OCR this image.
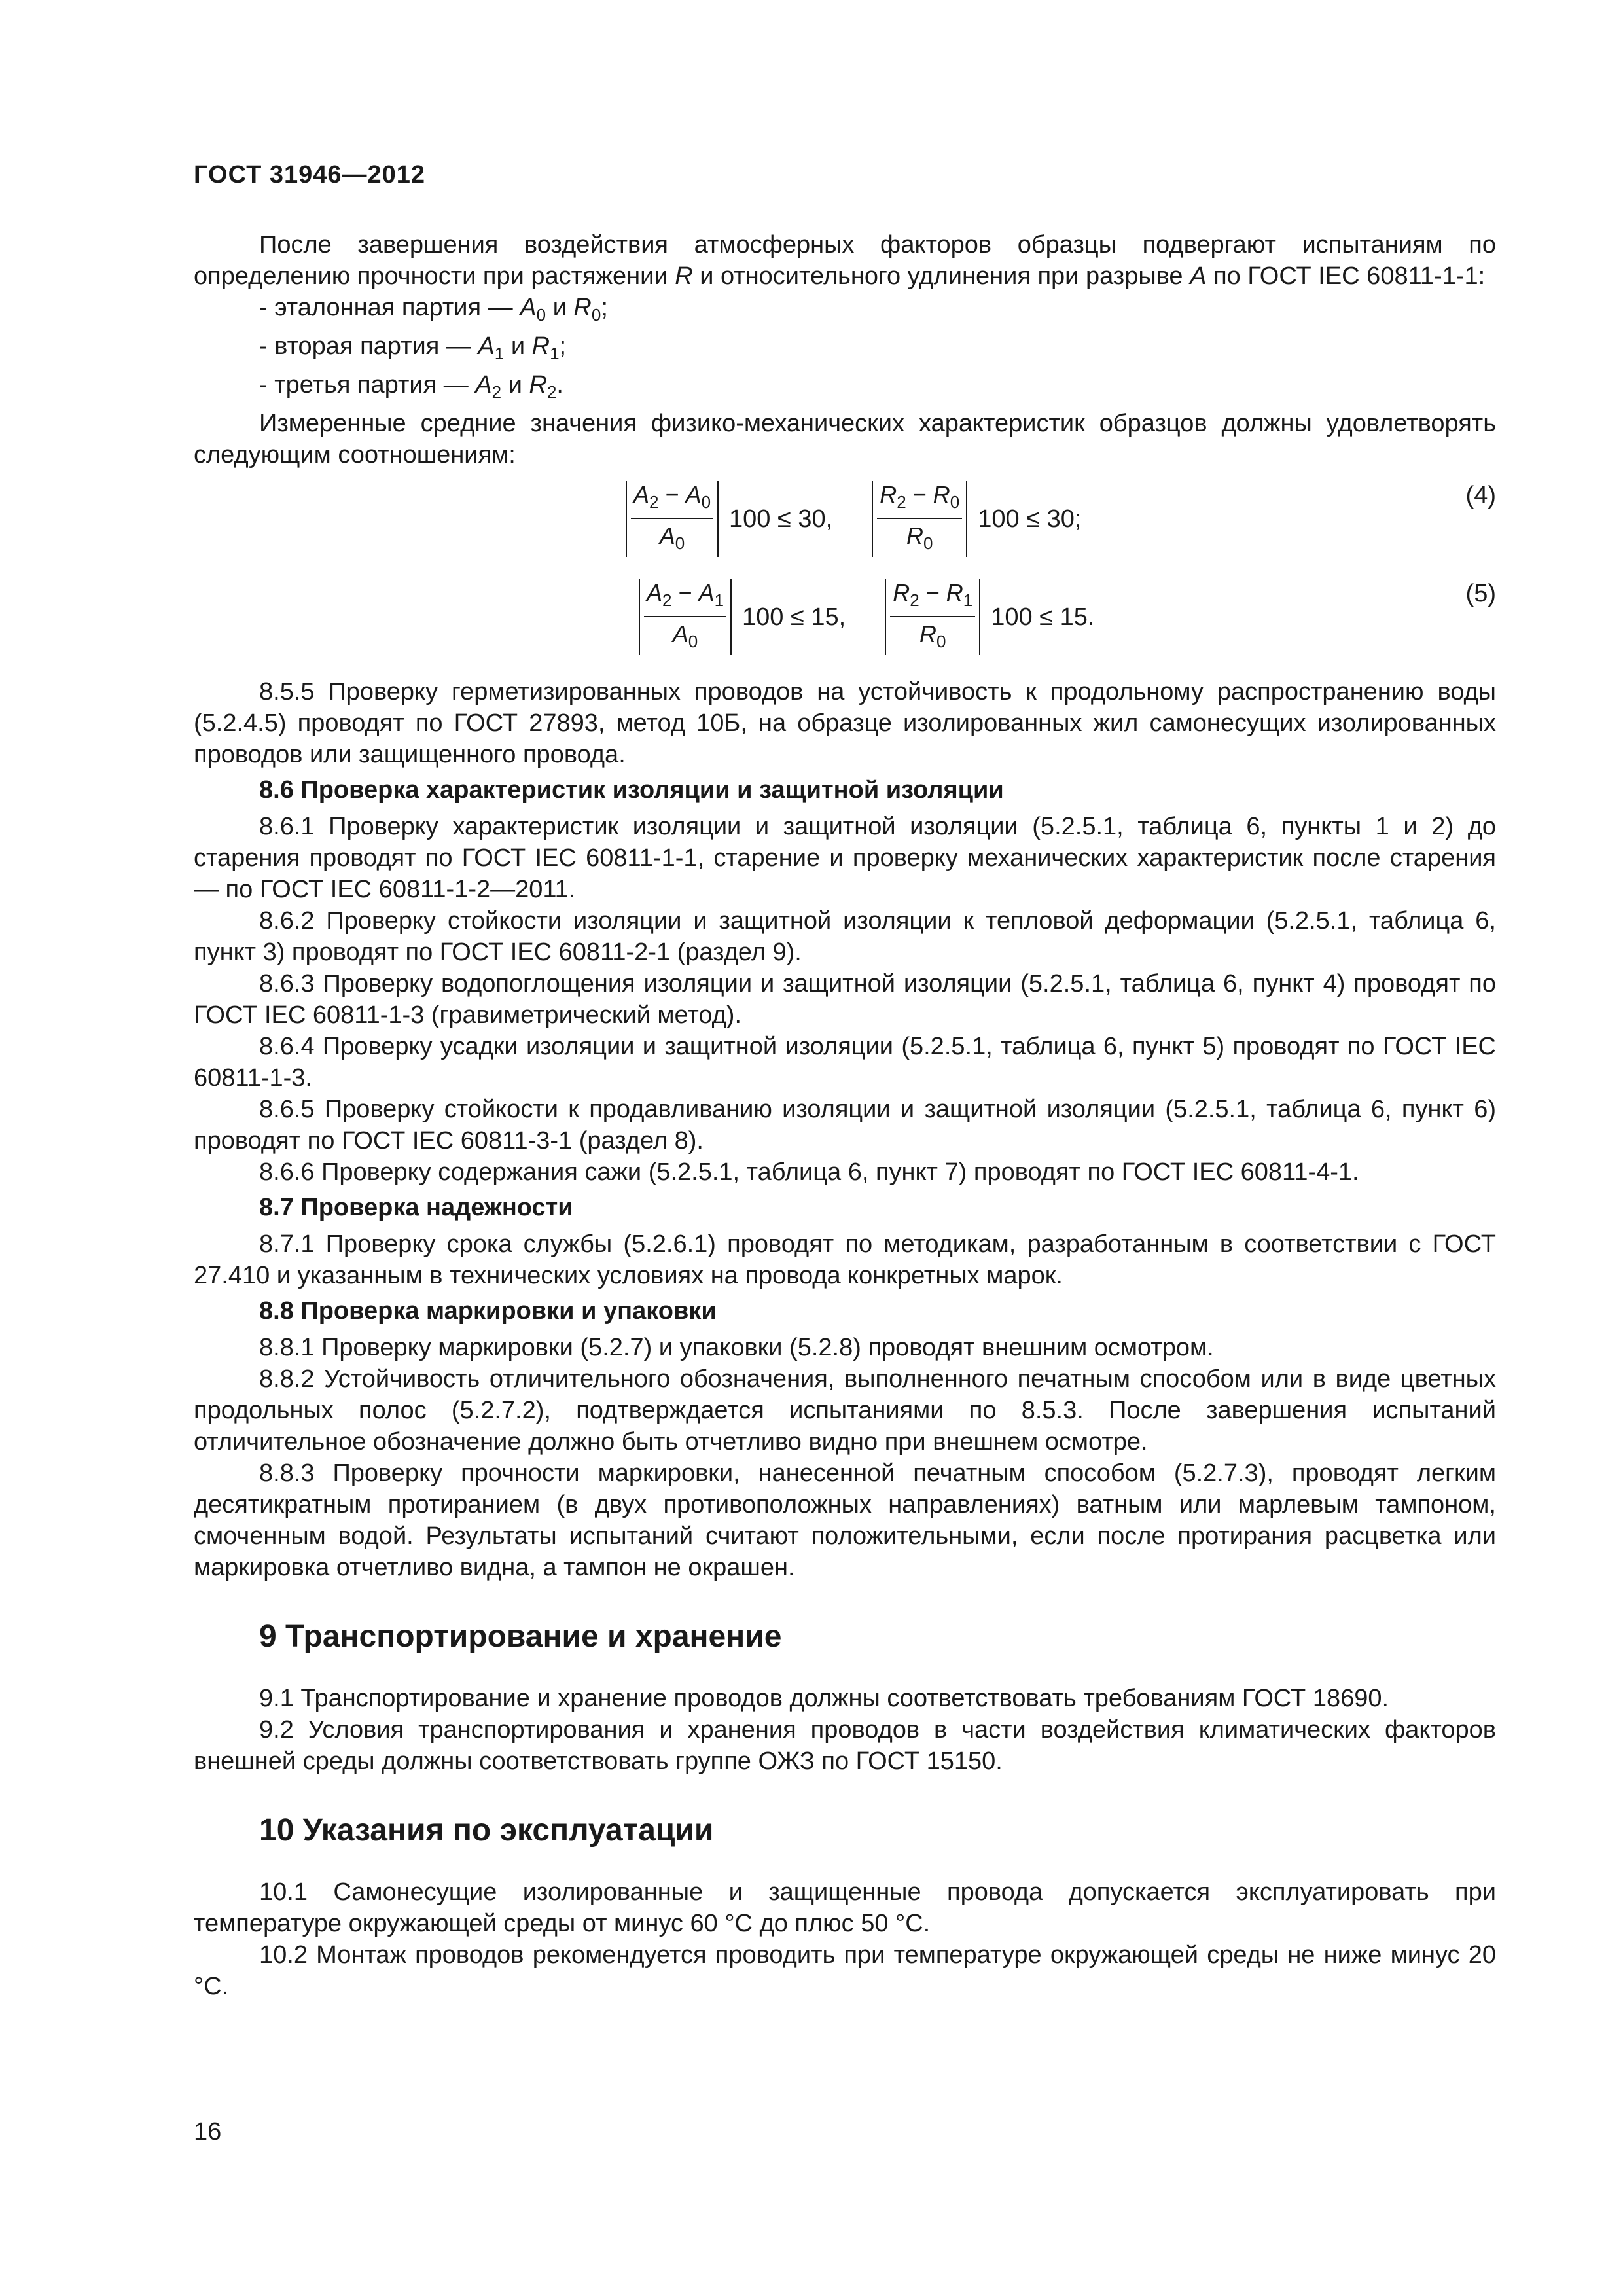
ГОСТ 31946—2012

После завершения воздействия атмосферных факторов образцы подвергают испытаниям по определению прочности при растяжении R и относительного удлинения при разрыве A по ГОСТ IEC 60811-1-1:

- эталонная партия — $A_0$ и $R_0$;
- вторая партия — $A_1$ и $R_1$;
- третья партия — $A_2$ и $R_2$.

Измеренные средние значения физико-механических характеристик образцов должны удовлетворять следующим соотношениям:

$\frac{A_2 - A_0}{A_0} 100 \le 30$, $\frac{R_2 - R_0}{R_0} 100 \le 30$;
(4)
$\frac{A_2 - A_1}{A_0} 100 \le 15$, $\frac{R_2 - R_1}{R_0} 100 \le 15$.
(5)

8.5.5 Проверку герметизированных проводов на устойчивость к продольному распространению воды (5.2.4.5) проводят по ГОСТ 27893, метод 10Б, на образце изолированных жил самонесущих изолированных проводов или защищенного провода.

8.6 Проверка характеристик изоляции и защитной изоляции

8.6.1 Проверку характеристик изоляции и защитной изоляции (5.2.5.1, таблица 6, пункты 1 и 2) до старения проводят по ГОСТ IEC 60811-1-1, старение и проверку механических характеристик после старения — по ГОСТ IEC 60811-1-2—2011.

8.6.2 Проверку стойкости изоляции и защитной изоляции к тепловой деформации (5.2.5.1, таблица 6, пункт 3) проводят по ГОСТ IEC 60811-2-1 (раздел 9).

8.6.3 Проверку водопоглощения изоляции и защитной изоляции (5.2.5.1, таблица 6, пункт 4) проводят по ГОСТ IEC 60811-1-3 (гравиметрический метод).

8.6.4 Проверку усадки изоляции и защитной изоляции (5.2.5.1, таблица 6, пункт 5) проводят по ГОСТ IEC 60811-1-3.

8.6.5 Проверку стойкости к продавливанию изоляции и защитной изоляции (5.2.5.1, таблица 6, пункт 6) проводят по ГОСТ IEC 60811-3-1 (раздел 8).

8.6.6 Проверку содержания сажи (5.2.5.1, таблица 6, пункт 7) проводят по ГОСТ IEC 60811-4-1.

8.7 Проверка надежности

8.7.1 Проверку срока службы (5.2.6.1) проводят по методикам, разработанным в соответствии с ГОСТ 27.410 и указанным в технических условиях на провода конкретных марок.

8.8 Проверка маркировки и упаковки

8.8.1 Проверку маркировки (5.2.7) и упаковки (5.2.8) проводят внешним осмотром.

8.8.2 Устойчивость отличительного обозначения, выполненного печатным способом или в виде цветных продольных полос (5.2.7.2), подтверждается испытаниями по 8.5.3. После завершения испытаний отличительное обозначение должно быть отчетливо видно при внешнем осмотре.

8.8.3 Проверку прочности маркировки, нанесенной печатным способом (5.2.7.3), проводят легким десятикратным протиранием (в двух противоположных направлениях) ватным или марлевым тампоном, смоченным водой. Результаты испытаний считают положительными, если после протирания расцветка или маркировка отчетливо видна, а тампон не окрашен.

9 Транспортирование и хранение

9.1 Транспортирование и хранение проводов должны соответствовать требованиям ГОСТ 18690.

9.2 Условия транспортирования и хранения проводов в части воздействия климатических факторов внешней среды должны соответствовать группе ОЖЗ по ГОСТ 15150.

10 Указания по эксплуатации

10.1 Самонесущие изолированные и защищенные провода допускается эксплуатировать при температуре окружающей среды от минус 60 °С до плюс 50 °С.

10.2 Монтаж проводов рекомендуется проводить при температуре окружающей среды не ниже минус 20 °С.

16
